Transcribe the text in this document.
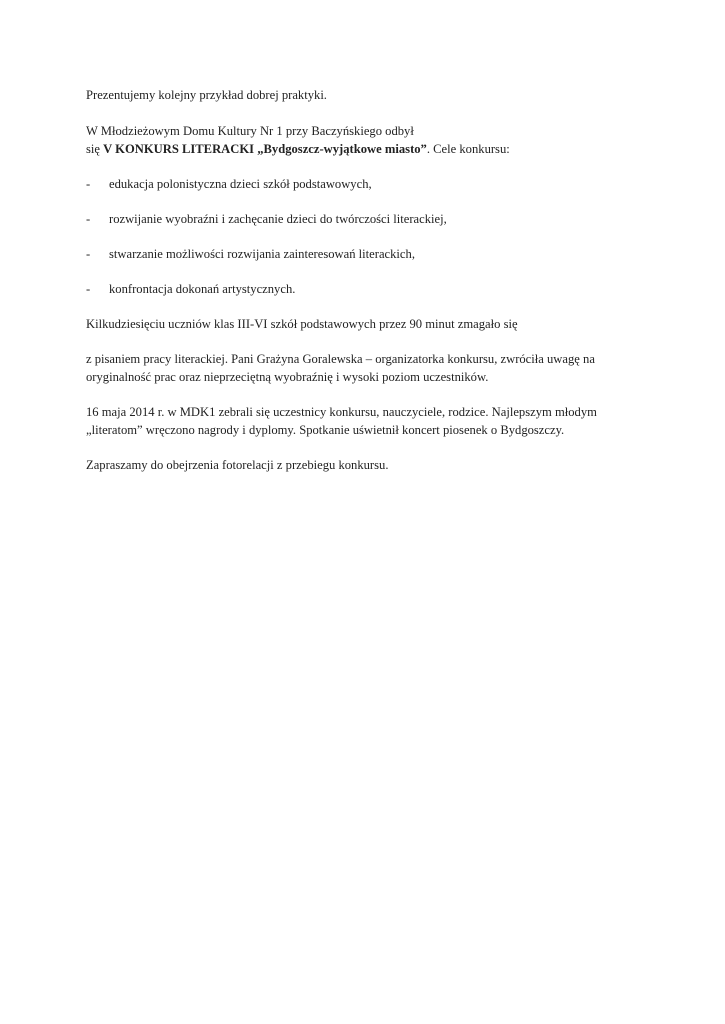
Prezentujemy kolejny przykład dobrej praktyki.

W Młodzieżowym Domu Kultury Nr 1 przy Baczyńskiego odbył

się V KONKURS LITERACKI „Bydgoszcz-wyjątkowe miasto”. Cele konkursu:

-	edukacja polonistyczna dzieci szkół podstawowych,
-	rozwijanie wyobraźni i zachęcanie dzieci do twórczości literackiej,
-	stwarzanie możliwości rozwijania zainteresowań literackich,
-	konfrontacja dokonań artystycznych.

Kilkudziesięciu uczniów klas III-VI szkół podstawowych przez 90 minut zmagało się

z pisaniem pracy literackiej. Pani Grażyna Goralewska – organizatorka konkursu, zwróciła uwagę na

oryginalność prac oraz nieprzeciętną wyobraźnię i wysoki poziom uczestników.

16 maja 2014 r. w MDK1 zebrali się uczestnicy konkursu, nauczyciele, rodzice. Najlepszym młodym

„literatom” wręczono nagrody i dyplomy. Spotkanie uświetnił koncert piosenek o Bydgoszczy.

Zapraszamy do obejrzenia fotorelacji z przebiegu konkursu.
